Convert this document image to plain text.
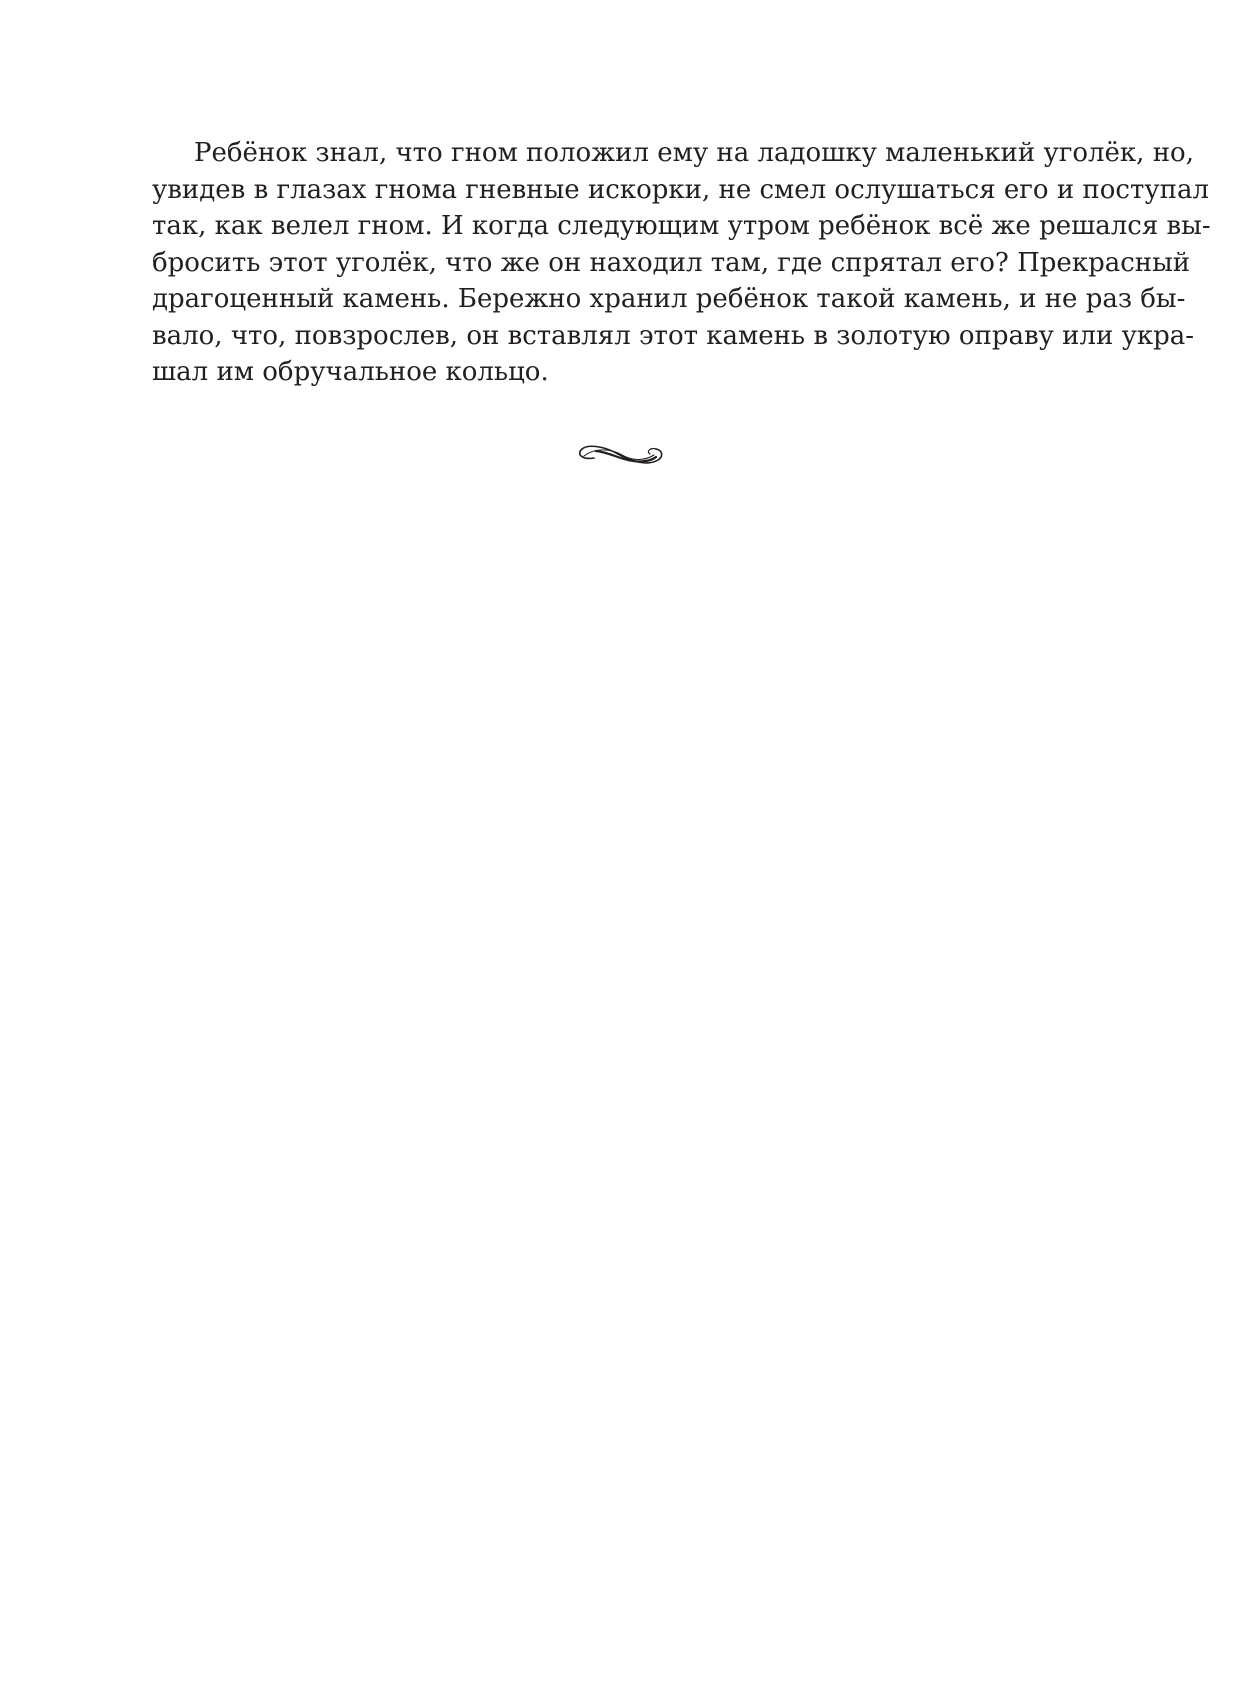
Ребёнок знал, что гном положил ему на ладошку маленький уголёк, но,
увидев в глазах гнома гневные искорки, не смел ослушаться его и поступал
так, как велел гном. И когда следующим утром ребёнок всё же решался вы-
бросить этот уголёк, что же он находил там, где спрятал его? Прекрасный
драгоценный камень. Бережно хранил ребёнок такой камень, и не раз бы-
вало, что, повзрослев, он вставлял этот камень в золотую оправу или укра-
шал им обручальное кольцо.
